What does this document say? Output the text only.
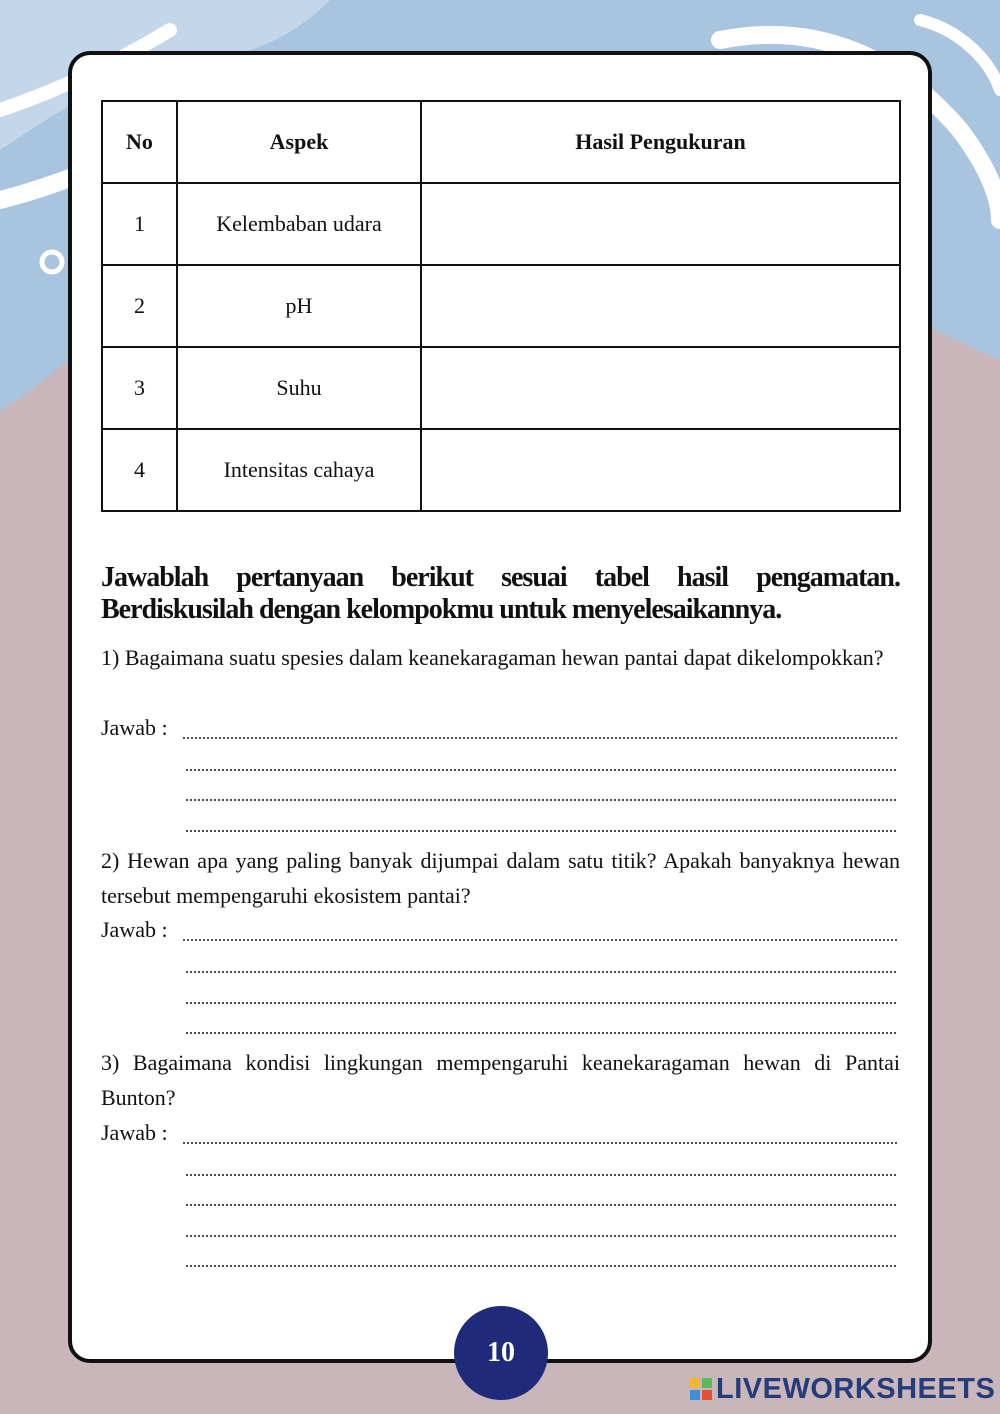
No	Aspek	Hasil Pengukuran
1	Kelembaban udara	
2	pH	
3	Suhu	
4	Intensitas cahaya	
Jawablah pertanyaan berikut sesuai tabel hasil pengamatan.
Berdiskusilah dengan kelompokmu untuk menyelesaikannya.
1) Bagaimana suatu spesies dalam keanekaragaman hewan pantai dapat dikelompokkan?
Jawab :
2) Hewan apa yang paling banyak dijumpai dalam satu titik? Apakah banyaknya hewan tersebut mempengaruhi ekosistem pantai?
Jawab :
3) Bagaimana kondisi lingkungan mempengaruhi keanekaragaman hewan di Pantai Bunton?
Jawab :
10
LIVEWORKSHEETS
